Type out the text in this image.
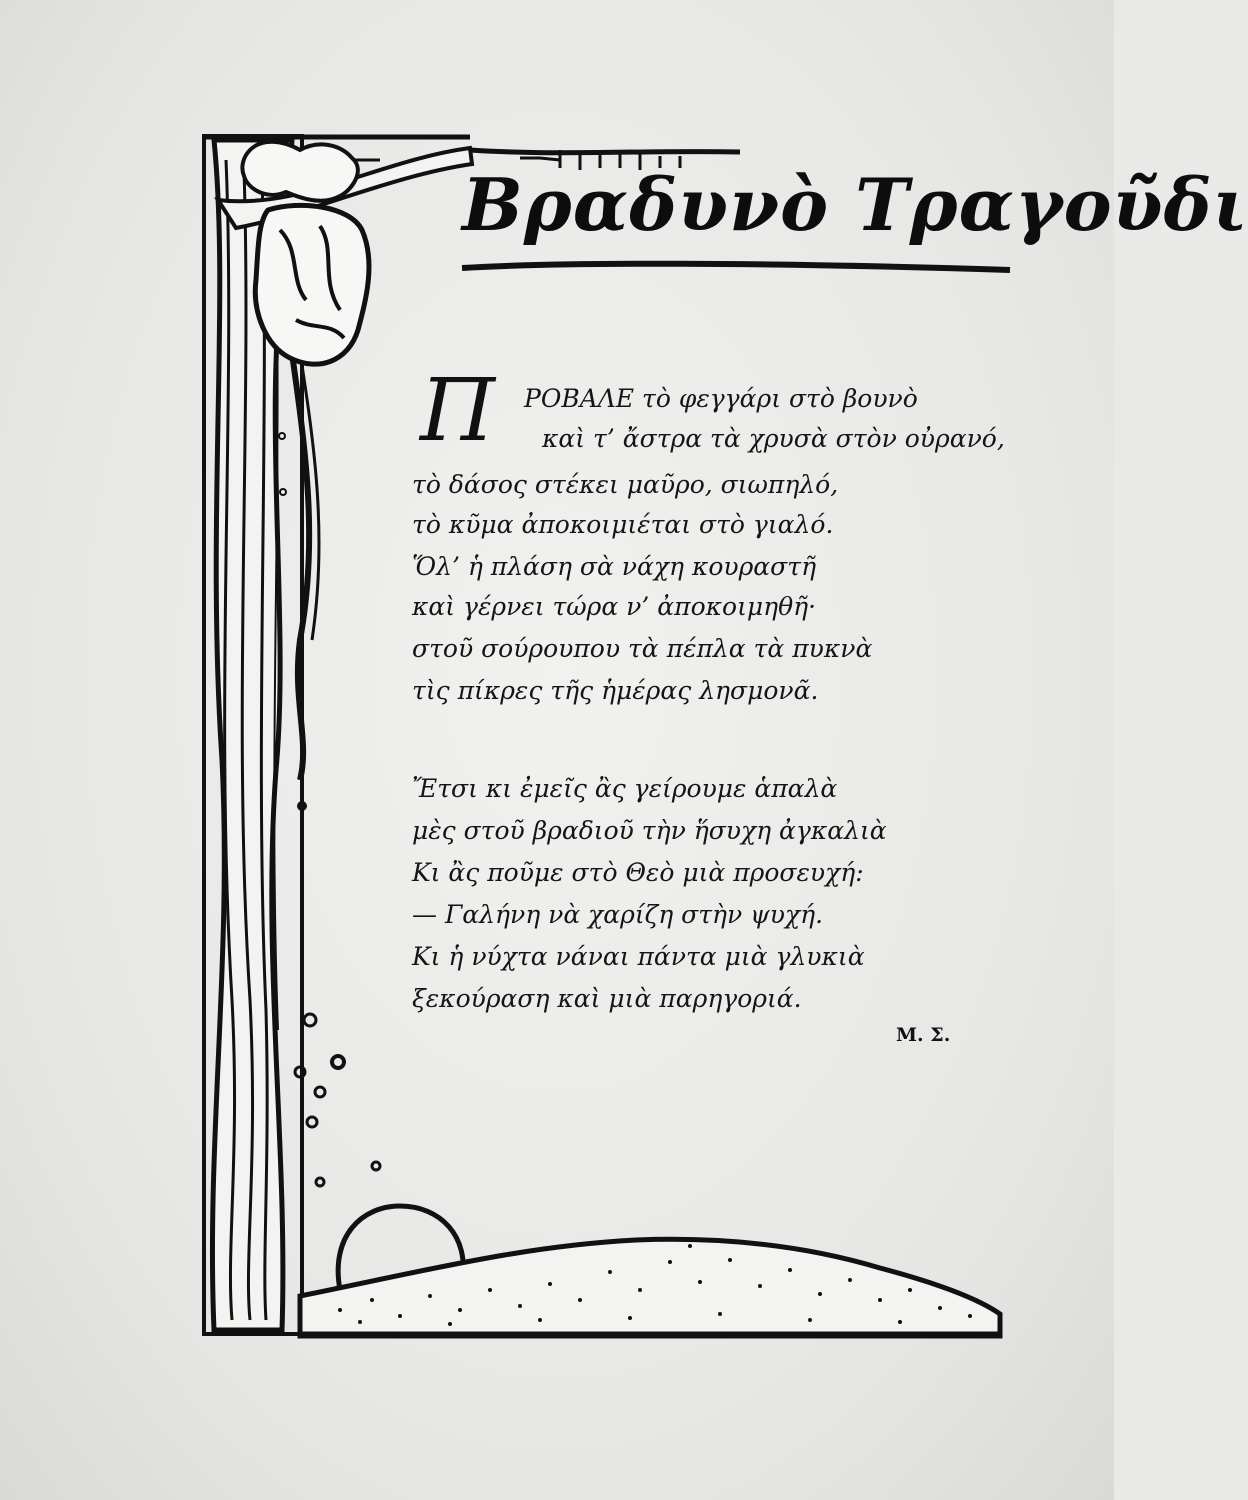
Βραδυνὸ Τραγοῦδι
Π ΡΟΒΑΛΕ τὸ φεγγάρι στὸ βουνὸ
καὶ τ’ ἄστρα τὰ χρυσὰ στὸν οὐρανό,
τὸ δάσος στέκει μαῦρο, σιωπηλό,
τὸ κῦμα ἀποκοιμιέται στὸ γιαλό.
Ὅλ’ ἡ πλάση σὰ νάχη κουραστῆ
καὶ γέρνει τώρα ν’ ἀποκοιμηθῆ·
στοῦ σούρουπου τὰ πέπλα τὰ πυκνὰ
τὶς πίκρες τῆς ἡμέρας λησμονᾶ.
Ἔτσι κι ἐμεῖς ἂς γείρουμε ἁπαλὰ
μὲς στοῦ βραδιοῦ τὴν ἥσυχη ἀγκαλιὰ
Κι ἂς ποῦμε στὸ Θεὸ μιὰ προσευχή:
— Γαλήνη νὰ χαρίζη στὴν ψυχή.
Κι ἡ νύχτα νάναι πάντα μιὰ γλυκιὰ
ξεκούραση καὶ μιὰ παρηγοριά.
Μ. Σ.
